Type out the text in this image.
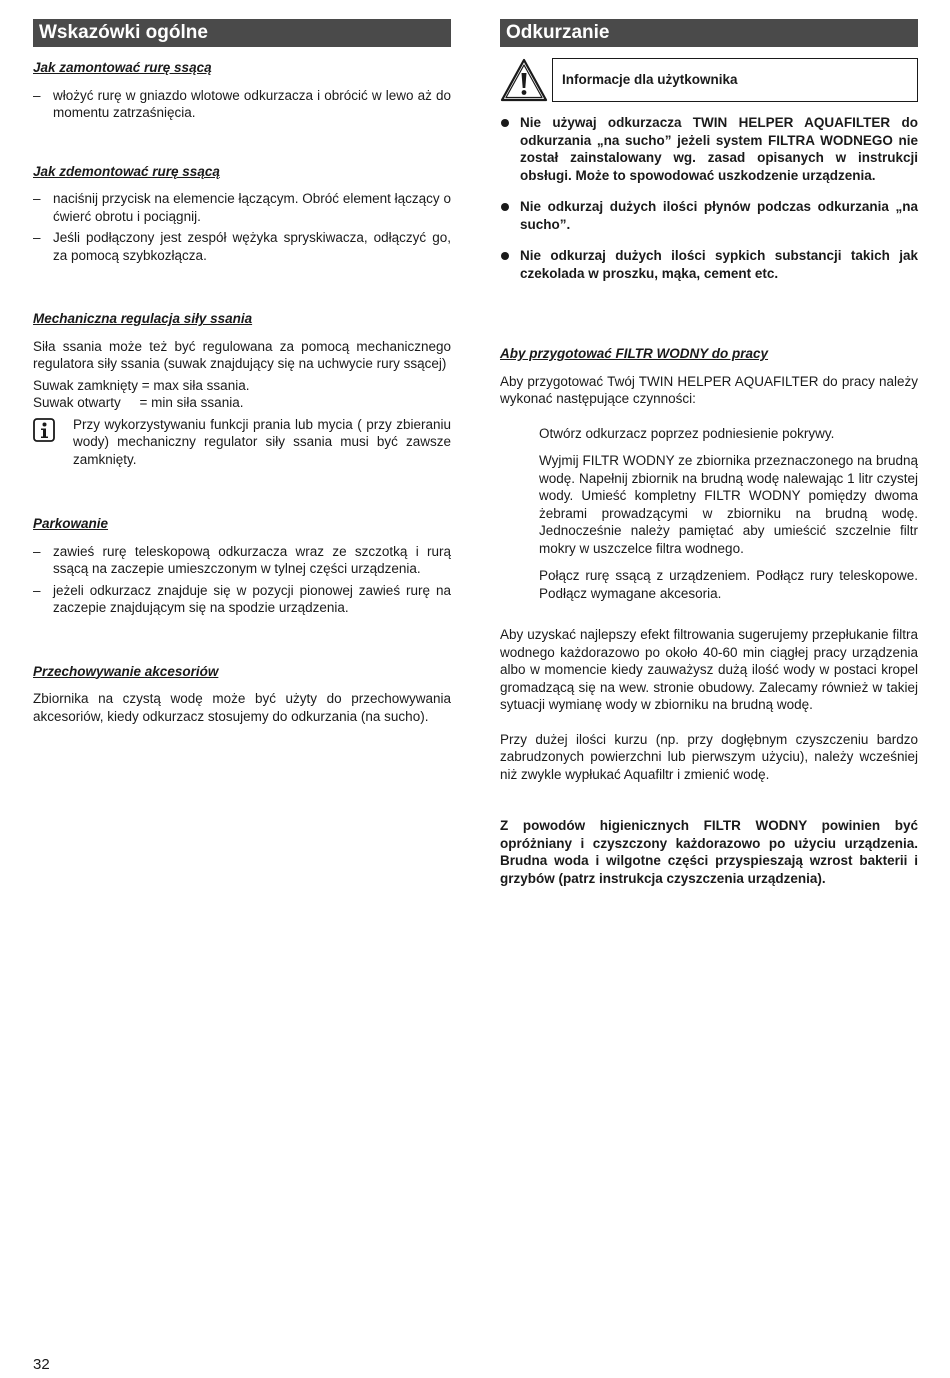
Wskazówki ogólne
Jak zamontować rurę ssącą
– włożyć rurę w gniazdo wlotowe odkurzacza i obrócić w lewo aż do momentu zatrzaśnięcia.
Jak zdemontować rurę ssącą
– naciśnij przycisk na elemencie łączącym. Obróć element łączący o ćwierć obrotu i pociągnij.
– Jeśli podłączony jest zespół wężyka spryskiwacza, odłączyć go, za pomocą szybkozłącza.
Mechaniczna regulacja siły ssania

Siła ssania może też być regulowana za pomocą mechanicznego regulatora siły ssania (suwak znajdujący się na uchwycie rury ssącej)

Suwak zamknięty = max siła ssania.

Suwak otwarty     = min siła ssania.

Przy wykorzystywaniu funkcji prania lub mycia ( przy zbieraniu wody) mechaniczny regulator siły ssania musi być zawsze zamknięty.

Parkowanie
– zawieś rurę teleskopową odkurzacza wraz ze szczotką i rurą ssącą na zaczepie umieszczonym w tylnej części urządzenia.
– jeżeli odkurzacz znajduje się w pozycji pionowej zawieś rurę na zaczepie znajdującym się na spodzie urządzenia.
Przechowywanie akcesoriów

Zbiornika na czystą wodę może być użyty do przechowywania akcesoriów, kiedy odkurzacz stosujemy do odkurzania (na sucho).

Odkurzanie
Informacje dla użytkownika
Nie używaj odkurzacza TWIN HELPER AQUAFILTER do odkurzania „na sucho” jeżeli system FILTRA WODNEGO nie został zainstalowany wg. zasad opisanych w instrukcji obsługi. Może to spowodować uszkodzenie urządzenia.
Nie odkurzaj dużych ilości płynów podczas odkurzania „na sucho”.
Nie odkurzaj dużych ilości sypkich substancji takich jak czekolada w proszku, mąka, cement etc.
Aby przygotować FILTR WODNY do pracy

Aby przygotować Twój TWIN HELPER AQUAFILTER do pracy należy wykonać następujące czynności:

Otwórz odkurzacz poprzez podniesienie pokrywy.

Wyjmij FILTR WODNY ze zbiornika przeznaczonego na brudną wodę. Napełnij zbiornik na brudną wodę nalewając 1 litr czystej wody. Umieść kompletny FILTR WODNY pomiędzy dwoma żebrami prowadzącymi w zbiorniku na brudną wodę. Jednocześnie należy pamiętać aby umieścić szczelnie filtr mokry w uszczelce filtra wodnego.

Połącz rurę ssącą z urządzeniem. Podłącz rury teleskopowe. Podłącz wymagane akcesoria.

Aby uzyskać najlepszy efekt filtrowania sugerujemy przepłukanie filtra wodnego każdorazowo po około 40-60 min ciągłej pracy urządzenia albo w momencie kiedy zauważysz dużą ilość wody w postaci kropel gromadzącą się na wew. stronie obudowy. Zalecamy również w takiej sytuacji wymianę wody w zbiorniku na brudną wodę.

Przy dużej ilości kurzu (np. przy dogłębnym czyszczeniu bardzo zabrudzonych powierzchni lub pierwszym użyciu), należy wcześniej niż zwykle wypłukać Aquafiltr i zmienić wodę.

Z powodów higienicznych FILTR WODNY powinien być opróżniany i czyszczony każdorazowo po użyciu urządzenia. Brudna woda i wilgotne części przyspieszają wzrost bakterii i grzybów (patrz instrukcja czyszczenia urządzenia).

32
